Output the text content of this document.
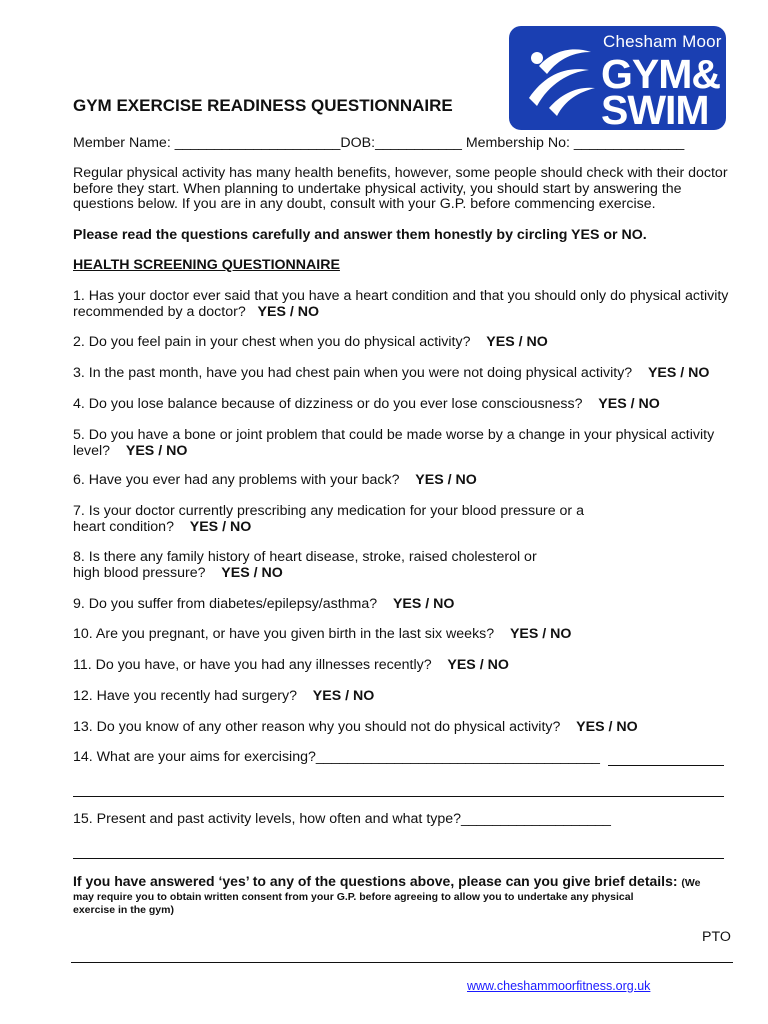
Chesham Moor
GYM&
SWIM
GYM EXERCISE READINESS QUESTIONNAIRE
Member Name: _____________________DOB:___________ Membership No: ______________
Regular physical activity has many health benefits, however, some people should check with their doctor
before they start. When planning to undertake physical activity, you should start by answering the
questions below. If you are in any doubt, consult with your G.P. before commencing exercise.
Please read the questions carefully and answer them honestly by circling YES or NO.
HEALTH SCREENING QUESTIONNAIRE
1. Has your doctor ever said that you have a heart condition and that you should only do physical activity
recommended by a doctor? YES / NO
2. Do you feel pain in your chest when you do physical activity? YES / NO
3. In the past month, have you had chest pain when you were not doing physical activity? YES / NO
4. Do you lose balance because of dizziness or do you ever lose consciousness? YES / NO
5. Do you have a bone or joint problem that could be made worse by a change in your physical activity
level? YES / NO
6. Have you ever had any problems with your back? YES / NO
7. Is your doctor currently prescribing any medication for your blood pressure or a
heart condition? YES / NO
8. Is there any family history of heart disease, stroke, raised cholesterol or
high blood pressure? YES / NO
9. Do you suffer from diabetes/epilepsy/asthma? YES / NO
10. Are you pregnant, or have you given birth in the last six weeks? YES / NO
11. Do you have, or have you had any illnesses recently? YES / NO
12. Have you recently had surgery? YES / NO
13. Do you know of any other reason why you should not do physical activity? YES / NO
14. What are your aims for exercising?____________________________________
15. Present and past activity levels, how often and what type?___________________
If you have answered ‘yes’ to any of the questions above, please can you give brief details: (We
may require you to obtain written consent from your G.P. before agreeing to allow you to undertake any physical
exercise in the gym)
PTO
www.cheshammoorfitness.org.uk
